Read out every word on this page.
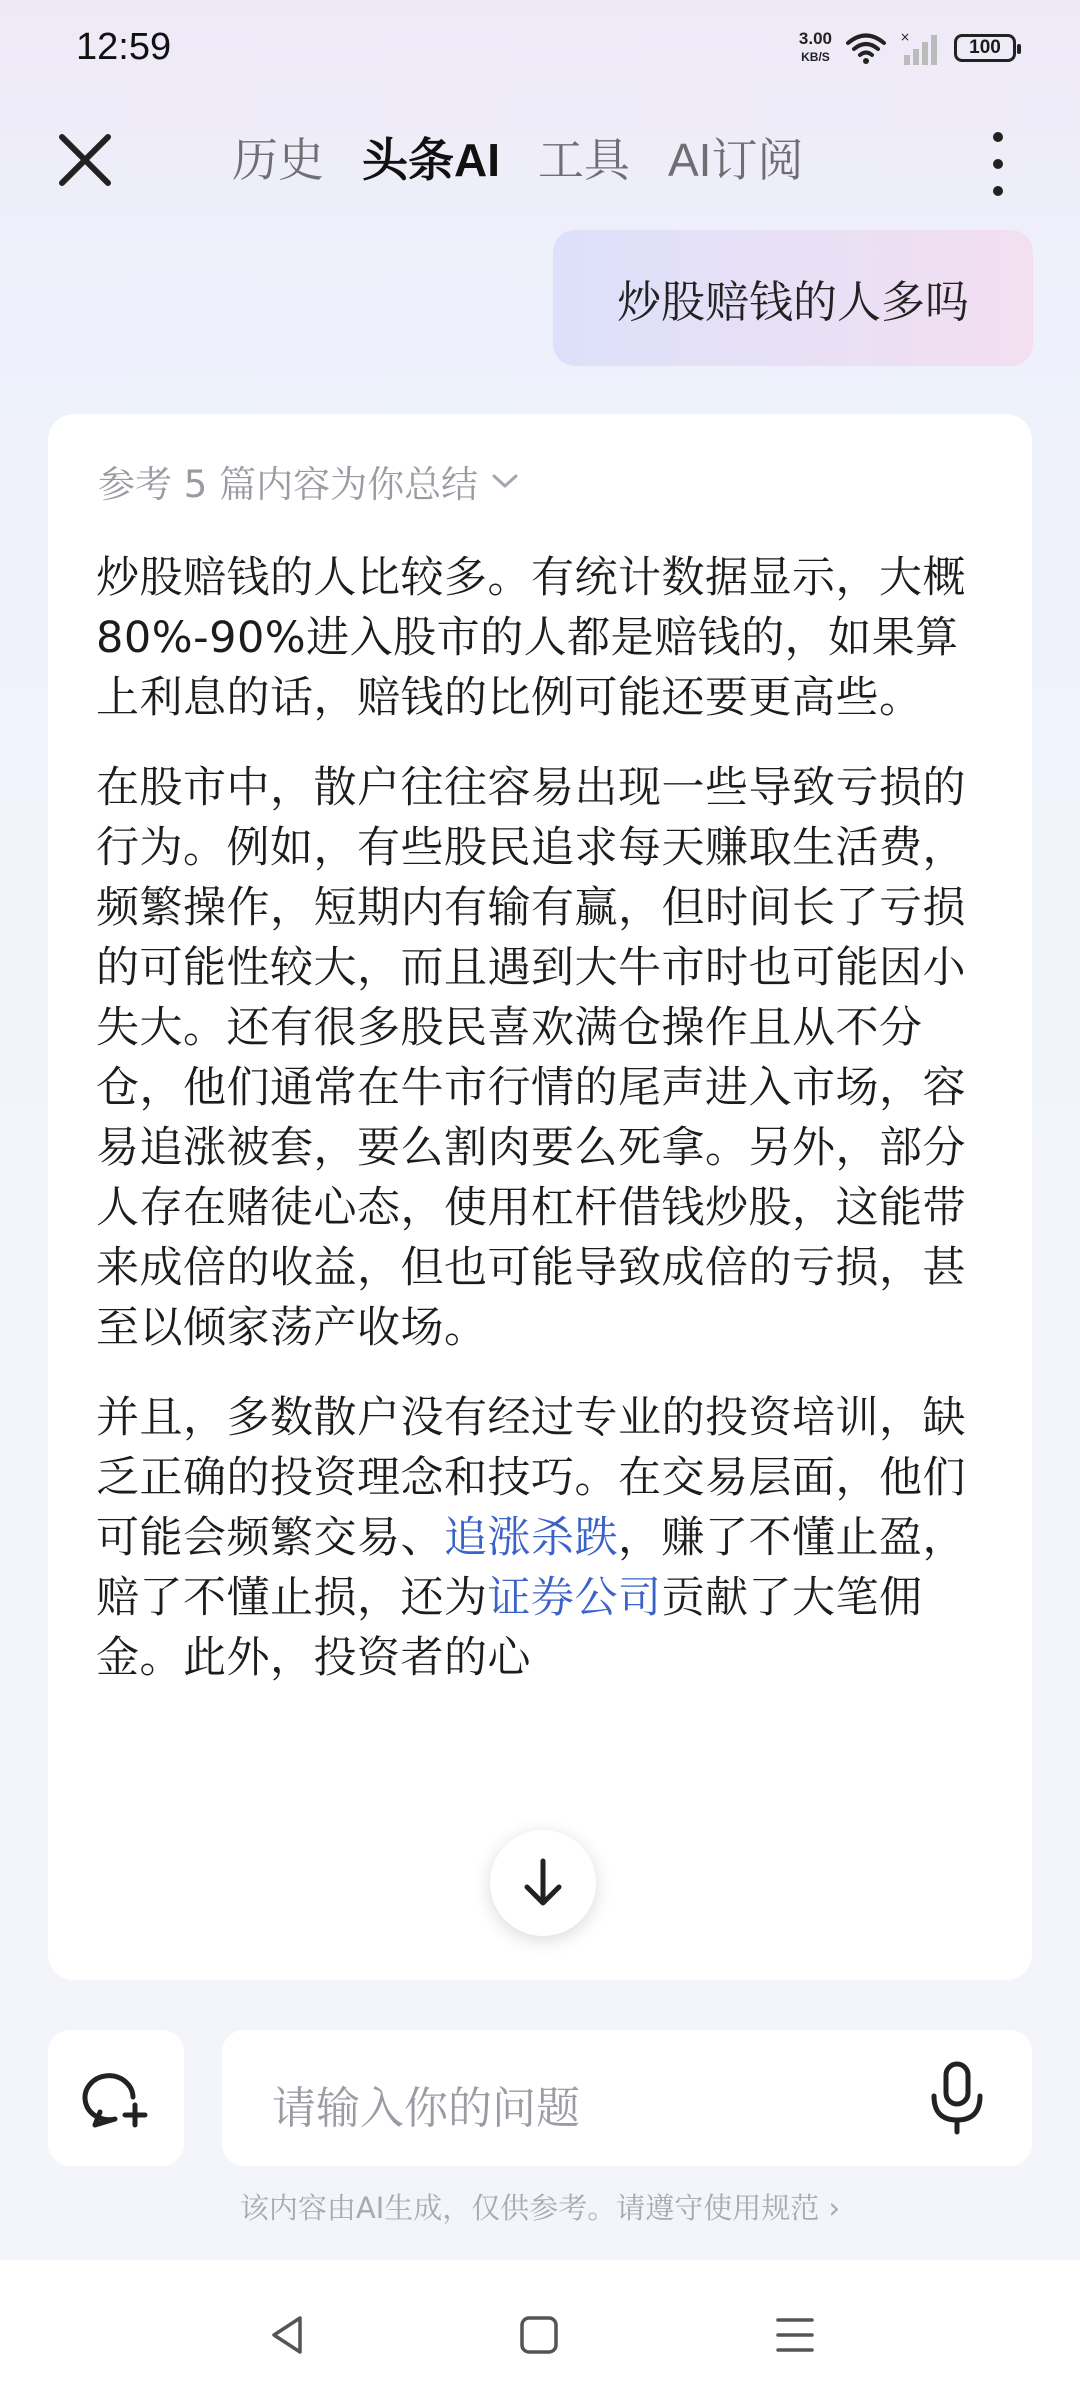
12:59	3.00
KB/S
×	100
历史 头条AI 工具 AI订阅
炒股赔钱的人多吗
参考 5 篇内容为你总结

炒股赔钱的人比较多。有统计数据显示，大概80%-90%进入股市的人都是赔钱的，如果算上利息的话，赔钱的比例可能还要更高些。

在股市中，散户往往容易出现一些导致亏损的行为。例如，有些股民追求每天赚取生活费，频繁操作，短期内有输有赢，但时间长了亏损的可能性较大，而且遇到大牛市时也可能因小失大。还有很多股民喜欢满仓操作且从不分仓，他们通常在牛市行情的尾声进入市场，容易追涨被套，要么割肉要么死拿。另外，部分人存在赌徒心态，使用杠杆借钱炒股，这能带来成倍的收益，但也可能导致成倍的亏损，甚至以倾家荡产收场。

并且，多数散户没有经过专业的投资培训，缺乏正确的投资理念和技巧。在交易层面，他们可能会频繁交易、追涨杀跌，赚了不懂止盈，赔了不懂止损，还为证券公司贡献了大笔佣金。此外，投资者的心

请输入你的问题
该内容由AI生成，仅供参考。请遵守使用规范 ›
